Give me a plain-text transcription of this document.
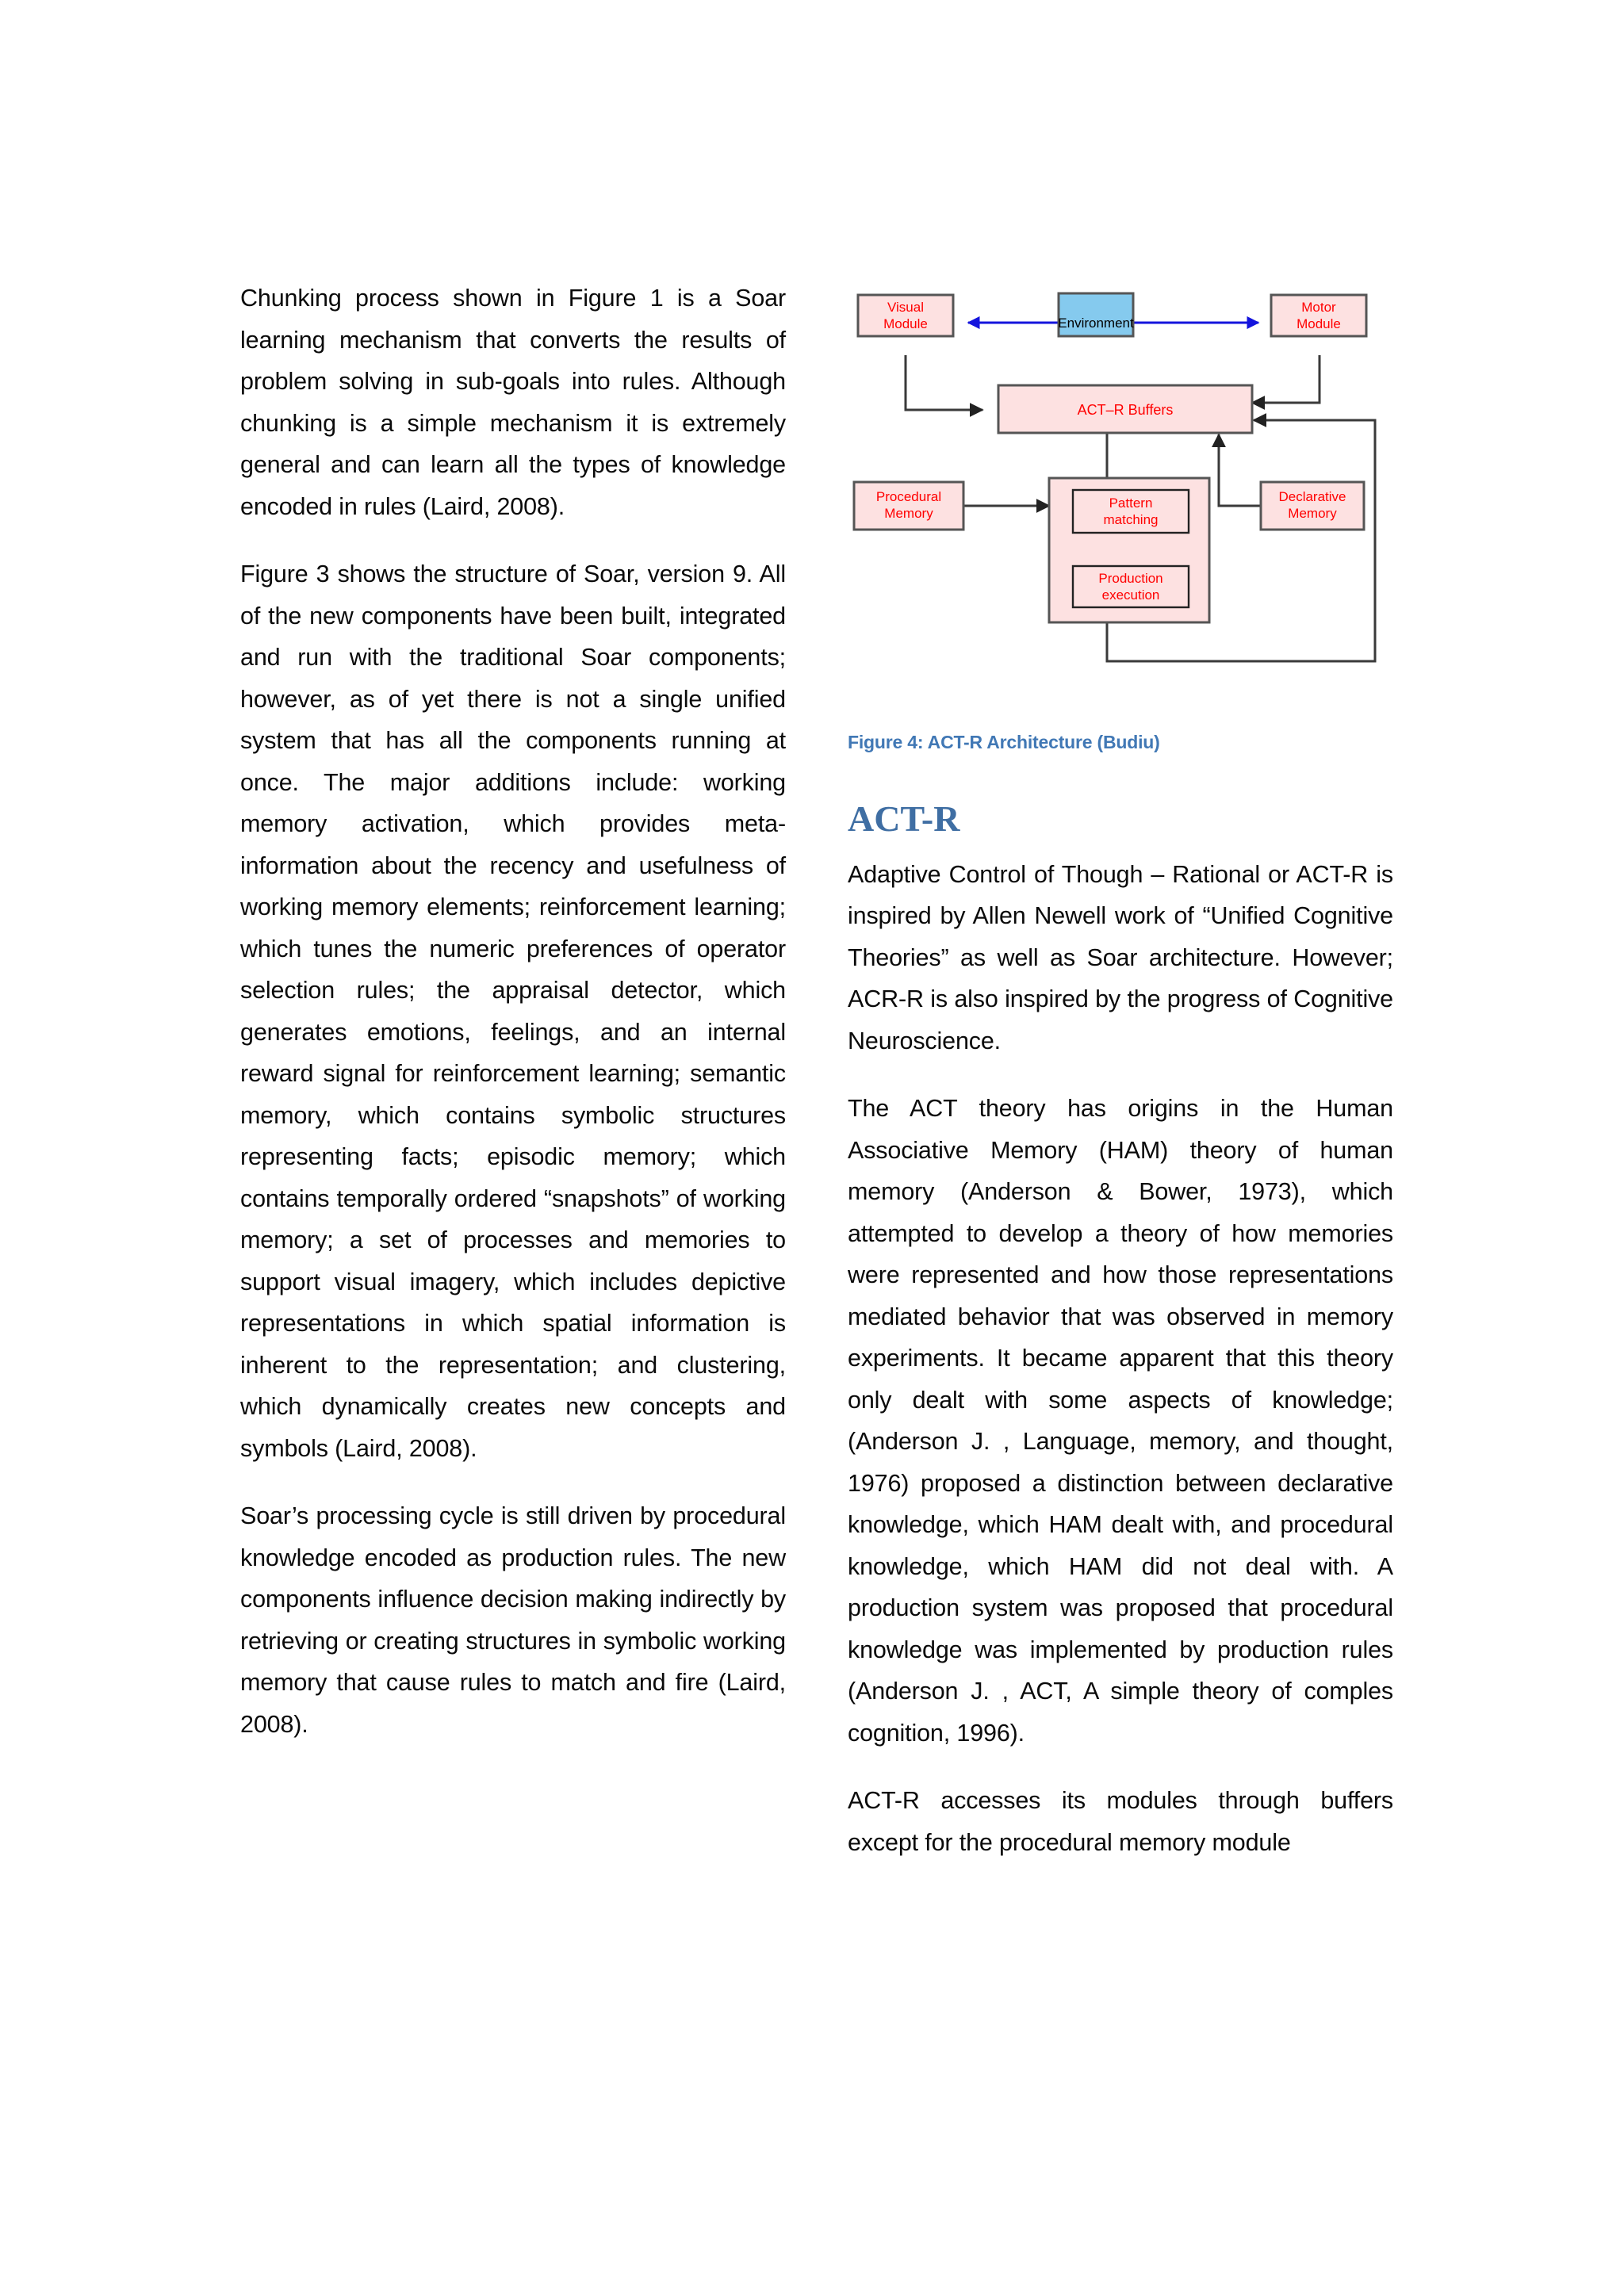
Chunking process shown in Figure 1 is a Soar learning mechanism that converts the results of problem solving in sub-goals into rules. Although chunking is a simple mechanism it is extremely general and can learn all the types of knowledge encoded in rules (Laird, 2008).

Figure 3 shows the structure of Soar, version 9. All of the new components have been built, integrated and run with the traditional Soar components; however, as of yet there is not a single unified system that has all the components running at once. The major additions include: working memory activation, which provides meta-information about the recency and usefulness of working memory elements; reinforcement learning; which tunes the numeric preferences of operator selection rules; the appraisal detector, which generates emotions, feelings, and an internal reward signal for reinforcement learning; semantic memory, which contains symbolic structures representing facts; episodic memory; which contains temporally ordered “snapshots” of working memory; a set of processes and memories to support visual imagery, which includes depictive representations in which spatial information is inherent to the representation; and clustering, which dynamically creates new concepts and symbols (Laird, 2008).

Soar’s processing cycle is still driven by procedural knowledge encoded as production rules. The new components influence decision making indirectly by retrieving or creating structures in symbolic working memory that cause rules to match and fire (Laird, 2008).

Visual
Module	Environment
Motor
Module
ACT–R Buffers
Procedural
Memory
Pattern
matching
Production
execution
Declarative
Memory
Figure 4: ACT-R Architecture (Budiu)
ACT-R

Adaptive Control of Though – Rational or ACT-R is inspired by Allen Newell work of “Unified Cognitive Theories” as well as Soar architecture. However; ACR-R is also inspired by the progress of Cognitive Neuroscience.

The ACT theory has origins in the Human Associative Memory (HAM) theory of human memory (Anderson & Bower, 1973), which attempted to develop a theory of how memories were represented and how those representations mediated behavior that was observed in memory experiments. It became apparent that this theory only dealt with some aspects of knowledge; (Anderson J. , Language, memory, and thought, 1976) proposed a distinction between declarative knowledge, which HAM dealt with, and procedural knowledge, which HAM did not deal with. A production system was proposed that procedural knowledge was implemented by production rules (Anderson J. , ACT, A simple theory of comples cognition, 1996).

ACT-R accesses its modules through buffers except for the procedural memory module
